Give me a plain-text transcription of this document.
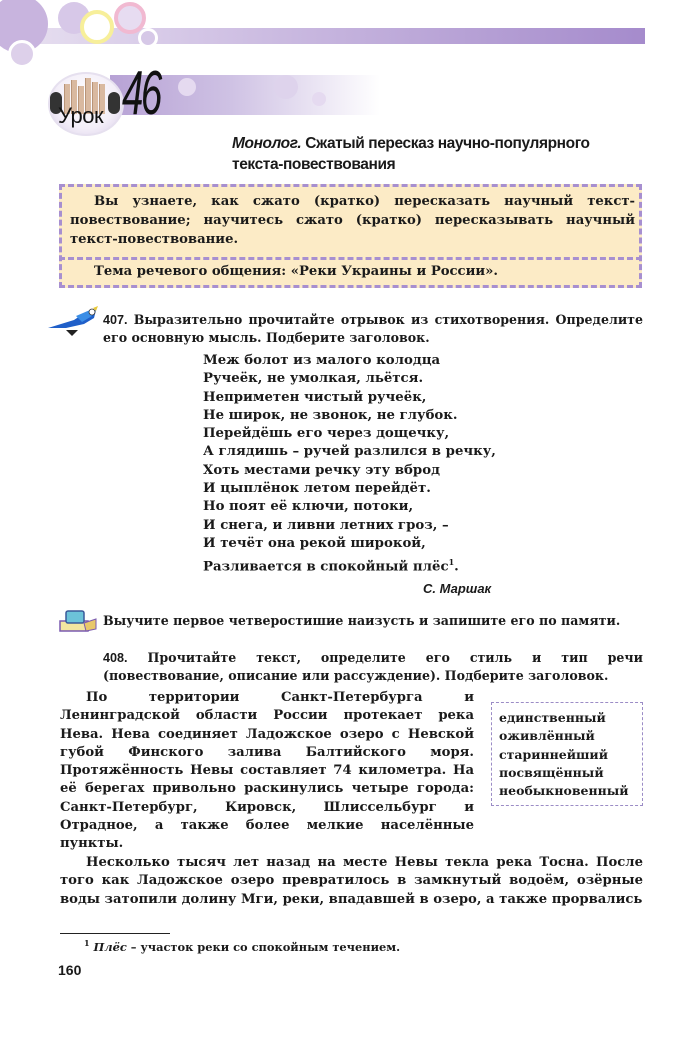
Урок 46
Монолог. Сжатый пересказ научно-популярного текста-повествования
Вы узнаете, как сжато (кратко) пересказать научный текст-повествование; научитесь сжато (кратко) пересказывать научный текст-повествование.
Тема речевого общения: «Реки Украины и России».
407. Выразительно прочитайте отрывок из стихотворения. Определите его основную мысль. Подберите заголовок.
Меж болот из малого колодца
Ручеёк, не умолкая, льётся.
Неприметен чистый ручеёк,
Не широк, не звонок, не глубок.
Перейдёшь его через дощечку,
А глядишь – ручей разлился в речку,
Хоть местами речку эту вброд
И цыплёнок летом перейдёт.
Но поят её ключи, потоки,
И снега, и ливни летних гроз, –
И течёт она рекой широкой,
Разливается в спокойный плёс$^1$.
С. Маршак
Выучите первое четверостишие наизусть и запишите его по памяти.
408. Прочитайте текст, определите его стиль и тип речи (повествование, описание или рассуждение). Подберите заголовок.
По территории Санкт-Петербурга и Ленинградской области России протекает река Нева. Нева соединяет Ладожское озеро с Невской губой Финского залива Балтийского моря. Протяжённость Невы составляет 74 километра. На её берегах привольно раскинулись четыре города: Санкт-Петербург, Кировск, Шлиссельбург и Отрадное, а также более мелкие населённые пункты.
единственный
оживлённый
стариннейший
посвящённый
необыкновенный
Несколько тысяч лет назад на месте Невы текла река Тосна. После того как Ладожское озеро превратилось в замкнутый водоём, озёрные воды затопили долину Мги, реки, впадавшей в озеро, а также прорвались
$^1$ Плёс – участок реки со спокойным течением.
160
